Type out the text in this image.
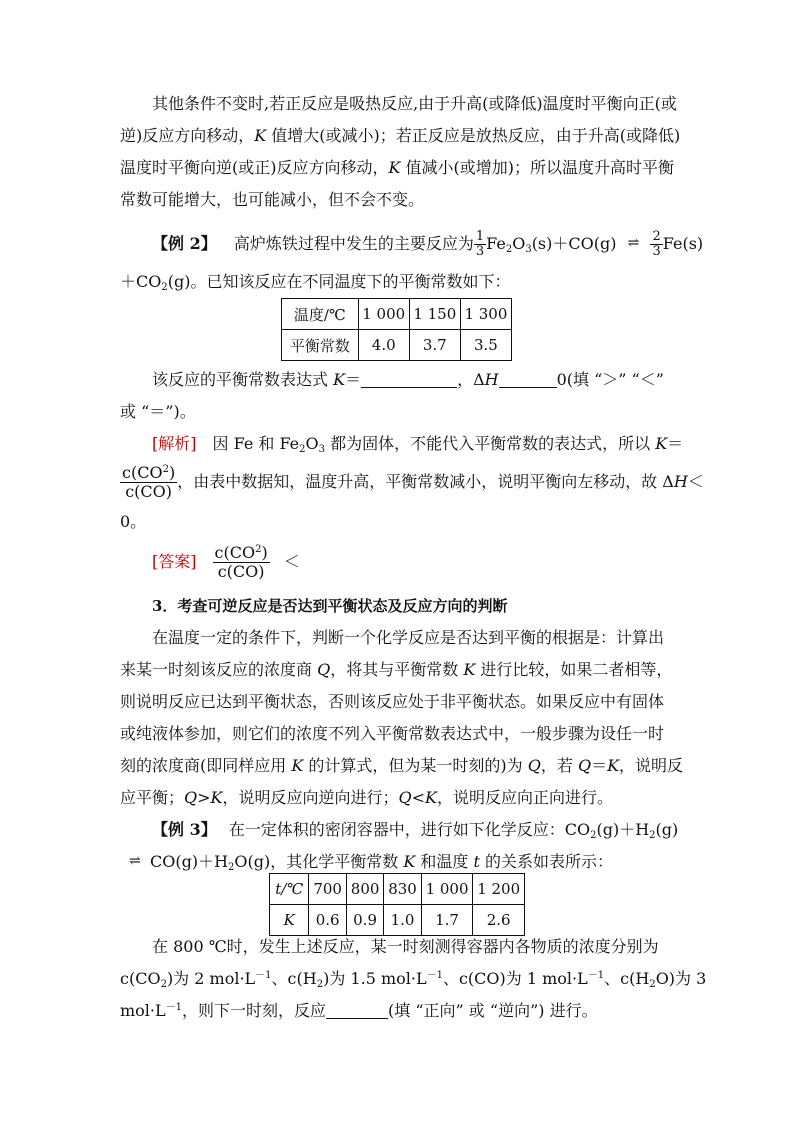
其他条件不变时,若正反应是吸热反应,由于升高(或降低)温度时平衡向正(或
逆)反应方向移动，K 值增大(或减小)；若正反应是放热反应，由于升高(或降低)
温度时平衡向逆(或正)反应方向移动，K 值减小(或增加)；所以温度升高时平衡
常数可能增大，也可能减小，但不会不变。
【例 2】 高炉炼铁过程中发生的主要反应为 $\frac{1}{3} Fe_2O_3(s)+CO(g)$ ⇌ $\frac{2}{3} Fe(s)$
$+CO_2(g)$。已知该反应在不同温度下的平衡常数如下：
温度/℃	1 000	1 150	1 300
平衡常数	4.0	3.7	3.5
该反应的平衡常数表达式 K＝	，ΔH	0(填 “＞” “＜”
或 “＝”)。
[解析] 因 Fe 和 $Fe_2O_3$ 都为固体，不能代入平衡常数的表达式，所以 K＝
$\frac{c(CO^2)}{c(CO)}$ ，由表中数据知，温度升高，平衡常数减小，说明平衡向左移动，故 ΔH＜
0。
[答案] $\frac{c(CO^2)}{c(CO)}$ ＜
3．考查可逆反应是否达到平衡状态及反应方向的判断
在温度一定的条件下，判断一个化学反应是否达到平衡的根据是：计算出
来某一时刻该反应的浓度商 Q，将其与平衡常数 K 进行比较，如果二者相等，
则说明反应已达到平衡状态，否则该反应处于非平衡状态。如果反应中有固体
或纯液体参加，则它们的浓度不列入平衡常数表达式中，一般步骤为设任一时
刻的浓度商(即同样应用 K 的计算式，但为某一时刻的)为 Q，若 Q＝K，说明反
应平衡；Q>K，说明反应向逆向进行；Q<K，说明反应向正向进行。
【例 3】 在一定体积的密闭容器中，进行如下化学反应：$CO_2(g)+H_2(g)$
⇌ $CO(g)+H_2O(g)$，其化学平衡常数 K 和温度 t 的关系如表所示：
t/℃	700	800	830	1 000	1 200
K	0.6	0.9	1.0	1.7	2.6
在 800 ℃时，发生上述反应，某一时刻测得容器内各物质的浓度分别为
$c(CO_2)$为 2 $mol\cdot L^{-1}$、$c(H_2)$为 1.5 $mol\cdot L^{-1}$、c(CO)为 1 $mol\cdot L^{-1}$、$c(H_2O)$为 3
$mol\cdot L^{-1}$，则下一时刻，反应	(填 “正向” 或 “逆向”) 进行。
